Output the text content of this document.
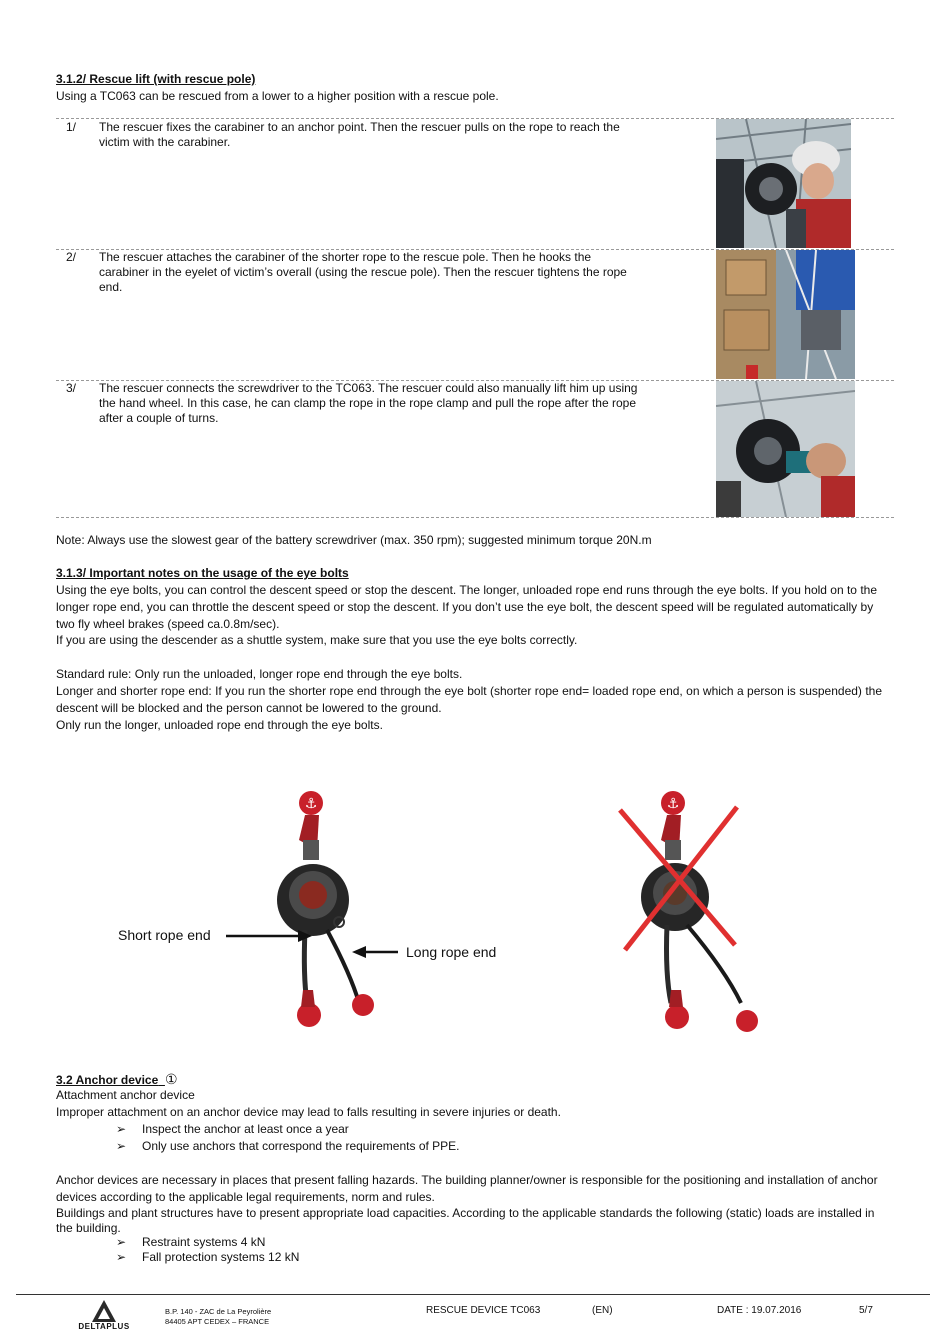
3.1.2/ Rescue lift (with rescue pole)
Using a TC063 can be rescued from a lower to a higher position with a rescue pole.
1/ The rescuer fixes the carabiner to an anchor point. Then the rescuer pulls on the rope to reach the victim with the carabiner.
2/ The rescuer attaches the carabiner of the shorter rope to the rescue pole. Then he hooks the carabiner in the eyelet of victim’s overall (using the rescue pole). Then the rescuer tightens the rope end.
3/ The rescuer connects the screwdriver to the TC063. The rescuer could also manually lift him up using the hand wheel. In this case, he can clamp the rope in the rope clamp and pull the rope after the rope after a couple of turns.
Note: Always use the slowest gear of the battery screwdriver (max. 350 rpm); suggested minimum torque 20N.m
3.1.3/ Important notes on the usage of the eye bolts

Using the eye bolts, you can control the descent speed or stop the descent. The longer, unloaded rope end runs through the eye bolts. If you hold on to the longer rope end, you can throttle the descent speed or stop the descent. If you don’t use the eye bolt, the descent speed will be regulated automatically by two fly wheel brakes (speed ca.0.8m/sec).

If you are using the descender as a shuttle system, make sure that you use the eye bolts correctly.

Standard rule: Only run the unloaded, longer rope end through the eye bolts.

Longer and shorter rope end: If you run the shorter rope end through the eye bolt (shorter rope end= loaded rope end, on which a person is suspended) the descent will be blocked and the person cannot be lowered to the ground.

Only run the longer, unloaded rope end through the eye bolts.

⚓
Short rope end
Long rope end
⚓
3.2 Anchor device ①
Attachment anchor device
Improper attachment on an anchor device may lead to falls resulting in severe injuries or death.
➢ Inspect the anchor at least once a year
➢ Only use anchors that correspond the requirements of PPE.

Anchor devices are necessary in places that present falling hazards. The building planner/owner is responsible for the positioning and installation of anchor devices according to the applicable legal requirements, norm and rules.

Buildings and plant structures have to present appropriate load capacities. According to the applicable standards the following (static) loads are installed in the building.

➢ Restraint systems 4 kN
➢ Fall protection systems 12 kN
DELTAPLUS
B.P. 140 - ZAC de La Peyrolière
84405 APT CEDEX – FRANCE
RESCUE DEVICE TC063	(EN)	DATE : 19.07.2016	5/7
